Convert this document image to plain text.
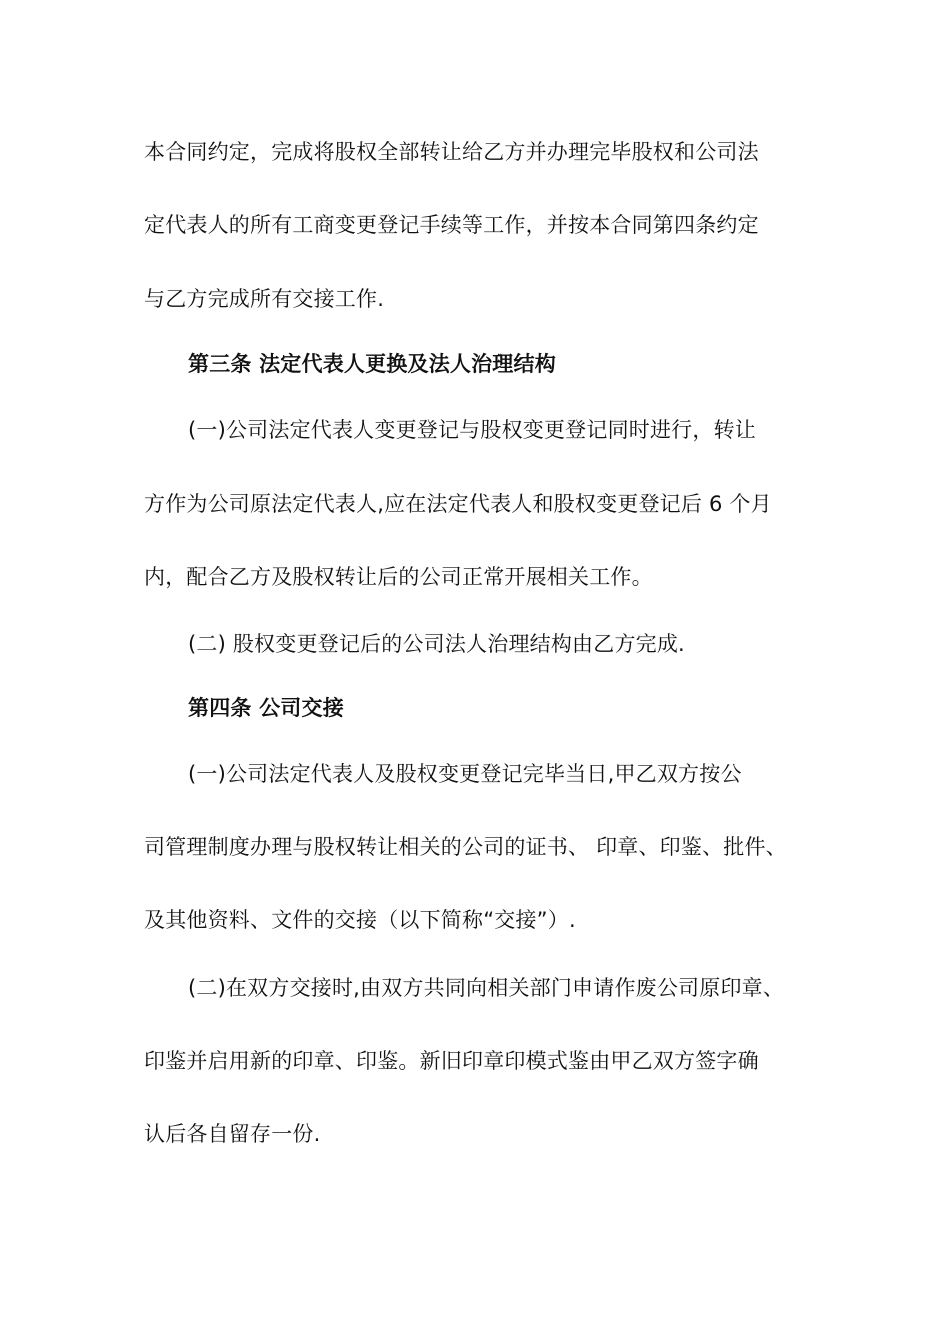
本合同约定，完成将股权全部转让给乙方并办理完毕股权和公司法
定代表人的所有工商变更登记手续等工作，并按本合同第四条约定
与乙方完成所有交接工作.
第三条 法定代表人更换及法人治理结构
(一)公司法定代表人变更登记与股权变更登记同时进行，转让
方作为公司原法定代表人,应在法定代表人和股权变更登记后 6 个月
内，配合乙方及股权转让后的公司正常开展相关工作。
(二) 股权变更登记后的公司法人治理结构由乙方完成.
第四条 公司交接
(一)公司法定代表人及股权变更登记完毕当日,甲乙双方按公
司管理制度办理与股权转让相关的公司的证书、 印章、印鉴、批件、
及其他资料、文件的交接（以下简称“交接”）.
(二)在双方交接时,由双方共同向相关部门申请作废公司原印章、
印鉴并启用新的印章、印鉴。新旧印章印模式鉴由甲乙双方签字确
认后各自留存一份.
